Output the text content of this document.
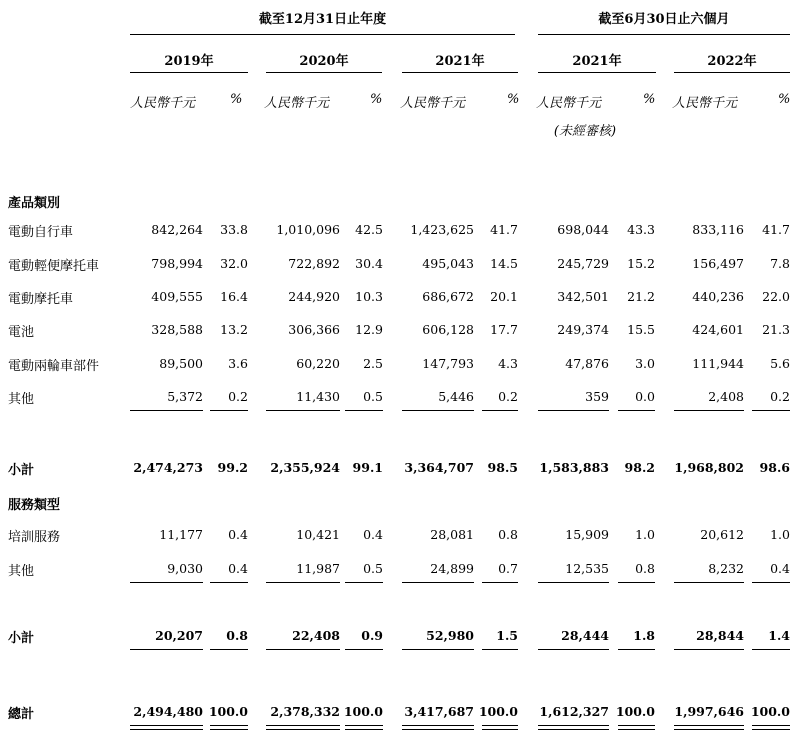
截至12月31日止年度	截至6月30日止六個月
2019年	2020年	2021年	2021年	2022年
人民幣千元	% 人民幣千元	% 人民幣千元	% 人民幣千元	% 人民幣千元	%
(未經審核)
產品類別
服務類型
電動自行車	842,264	33.8	1,010,096	42.5	1,423,625	41.7	698,044	43.3	833,116	41.7
電動輕便摩托車	798,994	32.0	722,892	30.4	495,043	14.5	245,729	15.2	156,497	7.8
電動摩托車	409,555	16.4	244,920	10.3	686,672	20.1	342,501	21.2	440,236	22.0
電池	328,588	13.2	306,366	12.9	606,128	17.7	249,374	15.5	424,601	21.3
電動兩輪車部件	89,500	3.6	60,220	2.5	147,793	4.3	47,876	3.0	111,944	5.6
其他	5,372	0.2	11,430	0.5	5,446	0.2	359	0.0	2,408	0.2
小計	2,474,273	99.2	2,355,924	99.1	3,364,707	98.5	1,583,883	98.2	1,968,802	98.6
培訓服務	11,177	0.4	10,421	0.4	28,081	0.8	15,909	1.0	20,612	1.0
其他	9,030	0.4	11,987	0.5	24,899	0.7	12,535	0.8	8,232	0.4
小計	20,207	0.8	22,408	0.9	52,980	1.5	28,444	1.8	28,844	1.4
總計	2,494,480 100.0	2,378,332 100.0	3,417,687 100.0	1,612,327 100.0	1,997,646 100.0
